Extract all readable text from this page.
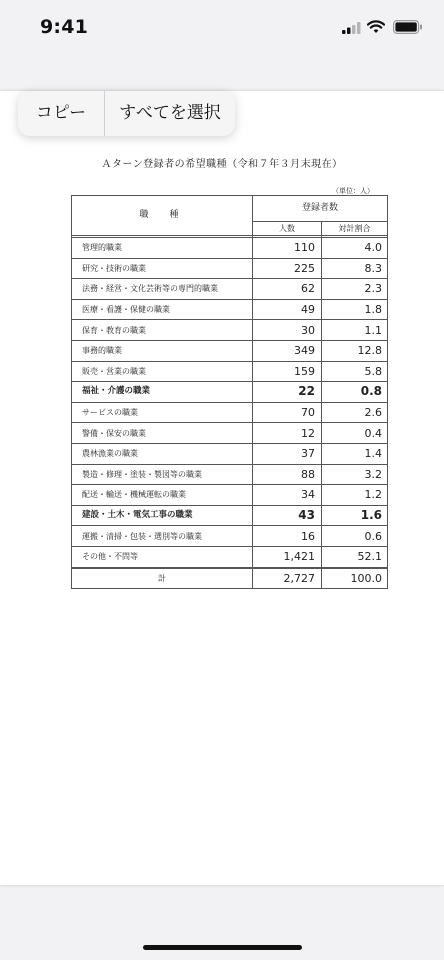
9:41
Ａターン登録者の希望職種（令和７年３月末現在）
（単位：人）
職　種	登録者数	
	人数	対計割合

管理的職業	110	4.0
研究・技術の職業	225	8.3
法務・経営・文化芸術等の専門的職業	62	2.3
医療・看護・保健の職業	49	1.8
保育・教育の職業	30	1.1
事務的職業	349	12.8
販売・営業の職業	159	5.8
福祉・介護の職業	22	0.8
サービスの職業	70	2.6
警備・保安の職業	12	0.4
農林漁業の職業	37	1.4
製造・修理・塗装・製図等の職業	88	3.2
配送・輸送・機械運転の職業	34	1.2
建設・土木・電気工事の職業	43	1.6
運搬・清掃・包装・選別等の職業	16	0.6
その他・不問等	1,421	52.1
計	2,727	100.0
コピー	すべてを選択
